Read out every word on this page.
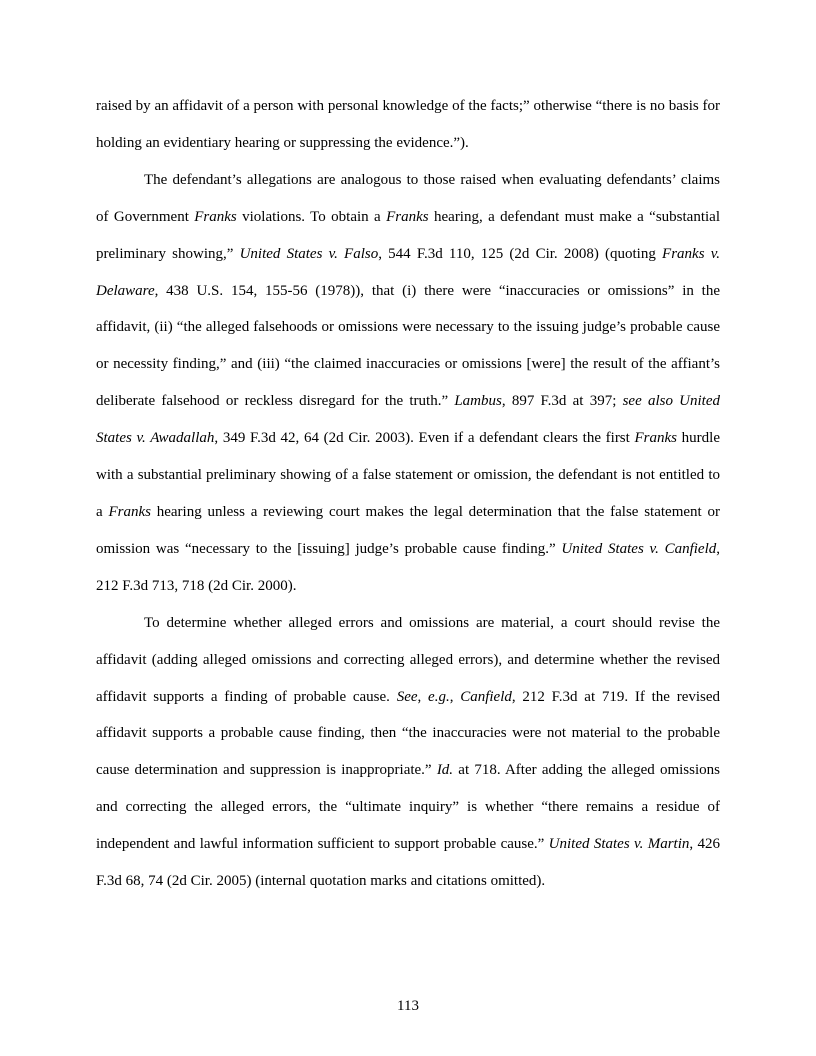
raised by an affidavit of a person with personal knowledge of the facts;” otherwise “there is no basis for holding an evidentiary hearing or suppressing the evidence.”).

The defendant’s allegations are analogous to those raised when evaluating defendants’ claims of Government Franks violations. To obtain a Franks hearing, a defendant must make a “substantial preliminary showing,” United States v. Falso, 544 F.3d 110, 125 (2d Cir. 2008) (quoting Franks v. Delaware, 438 U.S. 154, 155-56 (1978)), that (i) there were “inaccuracies or omissions” in the affidavit, (ii) “the alleged falsehoods or omissions were necessary to the issuing judge’s probable cause or necessity finding,” and (iii) “the claimed inaccuracies or omissions [were] the result of the affiant’s deliberate falsehood or reckless disregard for the truth.” Lambus, 897 F.3d at 397; see also United States v. Awadallah, 349 F.3d 42, 64 (2d Cir. 2003). Even if a defendant clears the first Franks hurdle with a substantial preliminary showing of a false statement or omission, the defendant is not entitled to a Franks hearing unless a reviewing court makes the legal determination that the false statement or omission was “necessary to the [issuing] judge’s probable cause finding.” United States v. Canfield, 212 F.3d 713, 718 (2d Cir. 2000).

To determine whether alleged errors and omissions are material, a court should revise the affidavit (adding alleged omissions and correcting alleged errors), and determine whether the revised affidavit supports a finding of probable cause. See, e.g., Canfield, 212 F.3d at 719. If the revised affidavit supports a probable cause finding, then “the inaccuracies were not material to the probable cause determination and suppression is inappropriate.” Id. at 718. After adding the alleged omissions and correcting the alleged errors, the “ultimate inquiry” is whether “there remains a residue of independent and lawful information sufficient to support probable cause.” United States v. Martin, 426 F.3d 68, 74 (2d Cir. 2005) (internal quotation marks and citations omitted).

113
